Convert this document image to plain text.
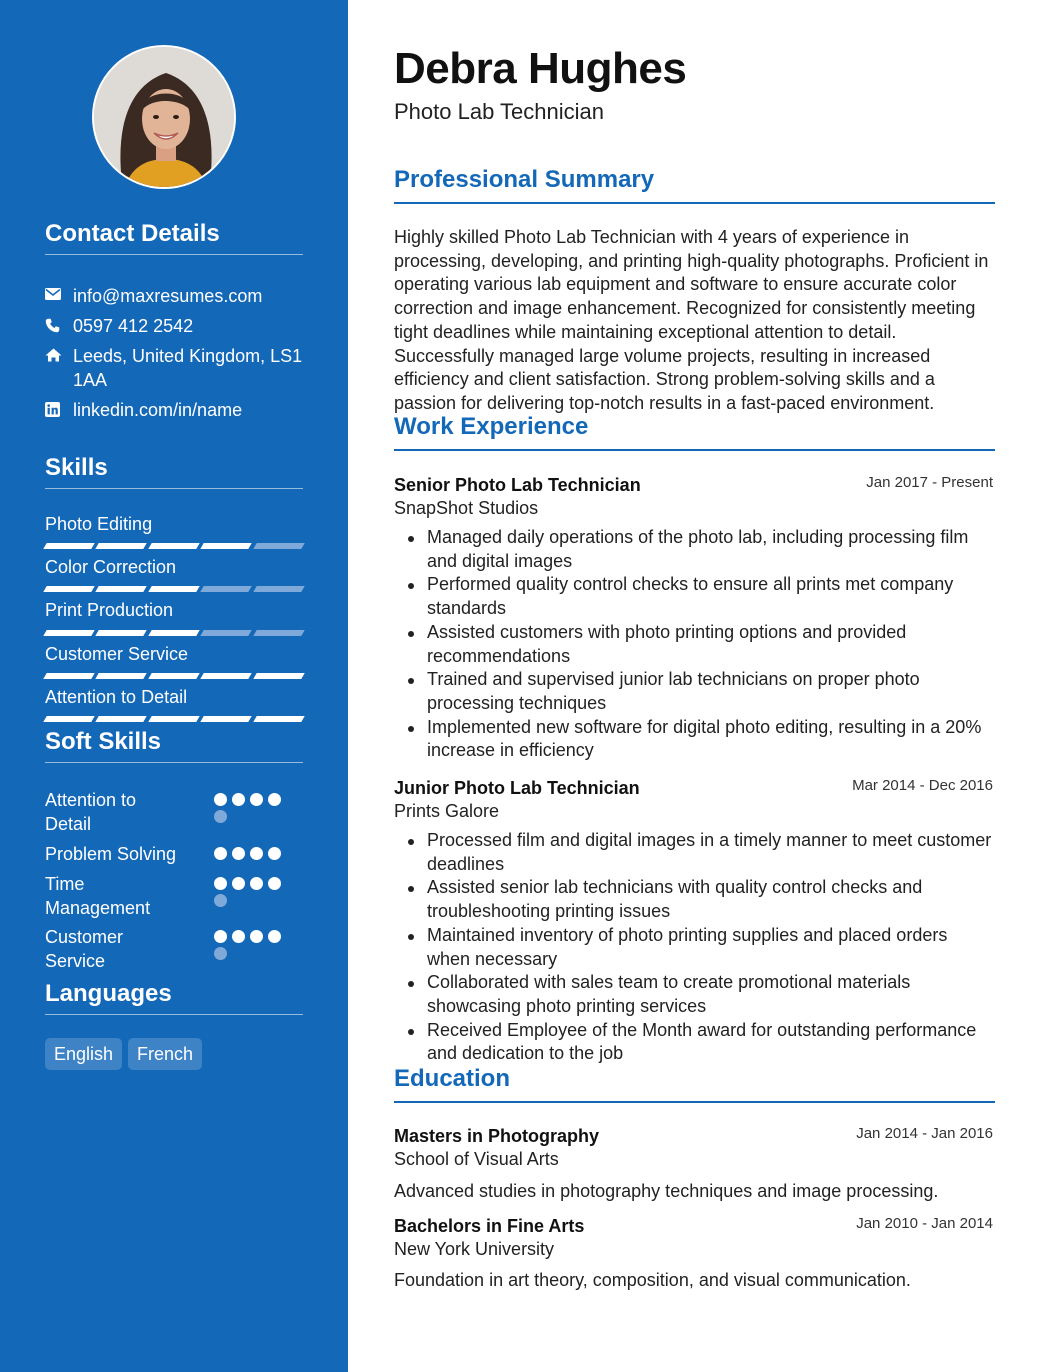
Contact Details
info@maxresumes.com
0597 412 2542
Leeds, United Kingdom, LS1 1AA
linkedin.com/in/name
Skills
Photo Editing
Color Correction
Print Production
Customer Service
Attention to Detail
Soft Skills
Attention to Detail
Problem Solving
Time Management
Customer Service
Languages
English	French
Debra Hughes
Photo Lab Technician
Professional Summary
Highly skilled Photo Lab Technician with 4 years of experience in processing, developing, and printing high-quality photographs. Proficient in operating various lab equipment and software to ensure accurate color correction and image enhancement. Recognized for consistently meeting tight deadlines while maintaining exceptional attention to detail. Successfully managed large volume projects, resulting in increased efficiency and client satisfaction. Strong problem-solving skills and a passion for delivering top-notch results in a fast-paced environment.
Work Experience
Senior Photo Lab Technician	Jan 2017 - Present
SnapShot Studios
Managed daily operations of the photo lab, including processing film and digital images
Performed quality control checks to ensure all prints met company standards
Assisted customers with photo printing options and provided recommendations
Trained and supervised junior lab technicians on proper photo processing techniques
Implemented new software for digital photo editing, resulting in a 20% increase in efficiency
Junior Photo Lab Technician	Mar 2014 - Dec 2016
Prints Galore
Processed film and digital images in a timely manner to meet customer deadlines
Assisted senior lab technicians with quality control checks and troubleshooting printing issues
Maintained inventory of photo printing supplies and placed orders when necessary
Collaborated with sales team to create promotional materials showcasing photo printing services
Received Employee of the Month award for outstanding performance and dedication to the job
Education
Masters in Photography	Jan 2014 - Jan 2016
School of Visual Arts
Advanced studies in photography techniques and image processing.
Bachelors in Fine Arts	Jan 2010 - Jan 2014
New York University
Foundation in art theory, composition, and visual communication.
